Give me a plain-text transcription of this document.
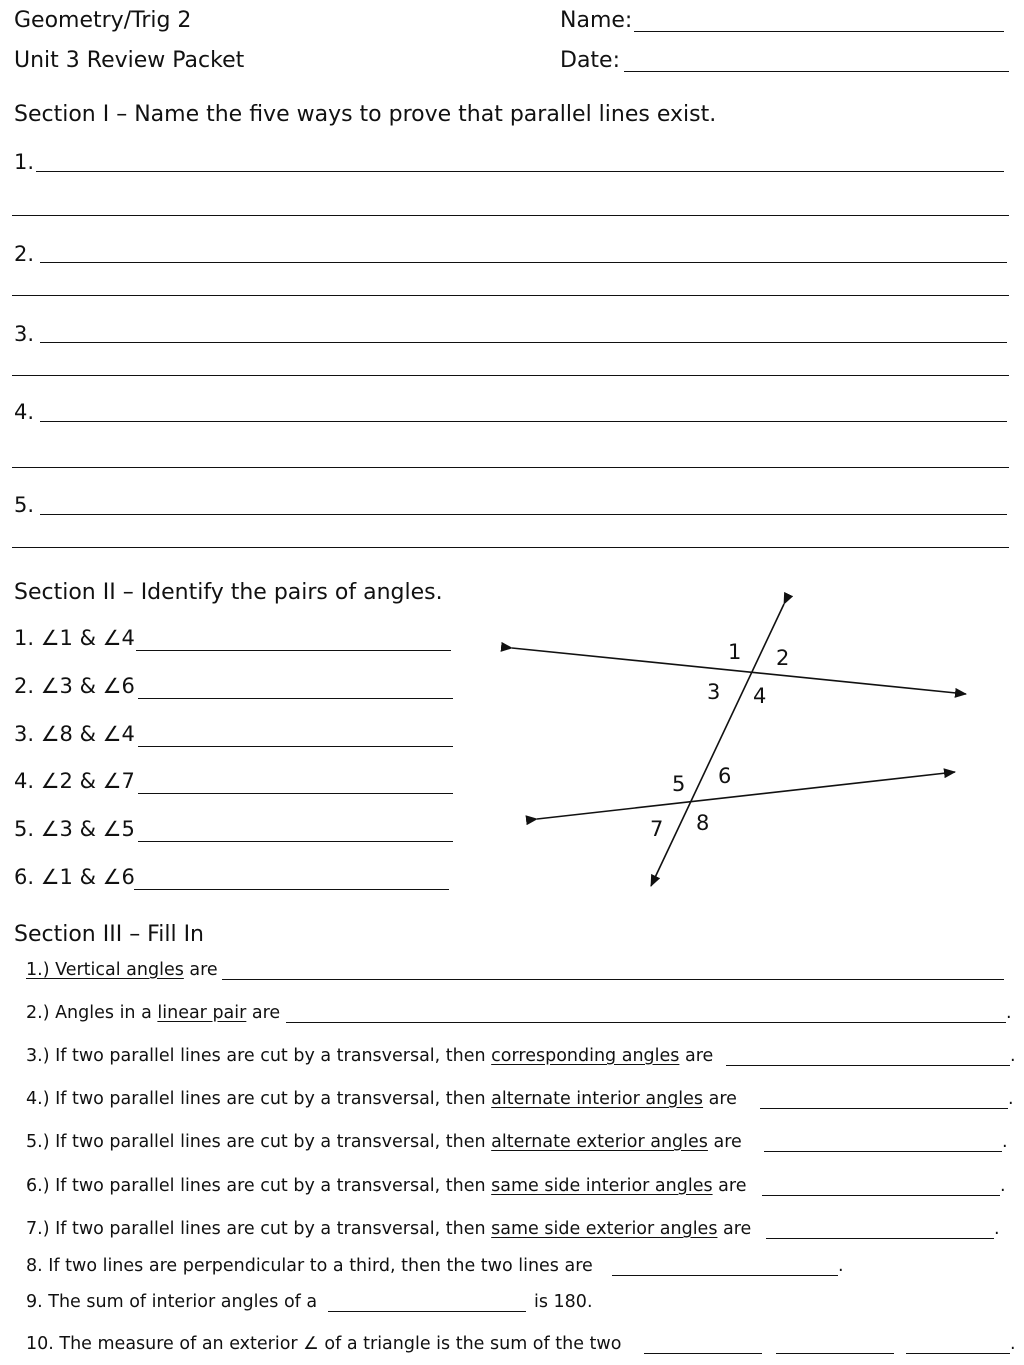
Geometry/Trig 2
Unit 3 Review Packet
Name:
Date:
Section I – Name the five ways to prove that parallel lines exist.
1.
2.
3.
4.
5.
Section II – Identify the pairs of angles.
1. ∠1 & ∠4
2. ∠3 & ∠6
3. ∠8 & ∠4
4. ∠2 & ∠7
5. ∠3 & ∠5
6. ∠1 & ∠6
1 2
3 4
5 6
7 8
Section III – Fill In
1.) Vertical angles are
2.) Angles in a linear pair are	.
3.) If two parallel lines are cut by a transversal, then corresponding angles are	.
4.) If two parallel lines are cut by a transversal, then alternate interior angles are	.
5.) If two parallel lines are cut by a transversal, then alternate exterior angles are	.
6.) If two parallel lines are cut by a transversal, then same side interior angles are	.
7.) If two parallel lines are cut by a transversal, then same side exterior angles are	.
8. If two lines are perpendicular to a third, then the two lines are	.
9. The sum of interior angles of a	is 180.
10. The measure of an exterior ∠ of a triangle is the sum of the two	.
